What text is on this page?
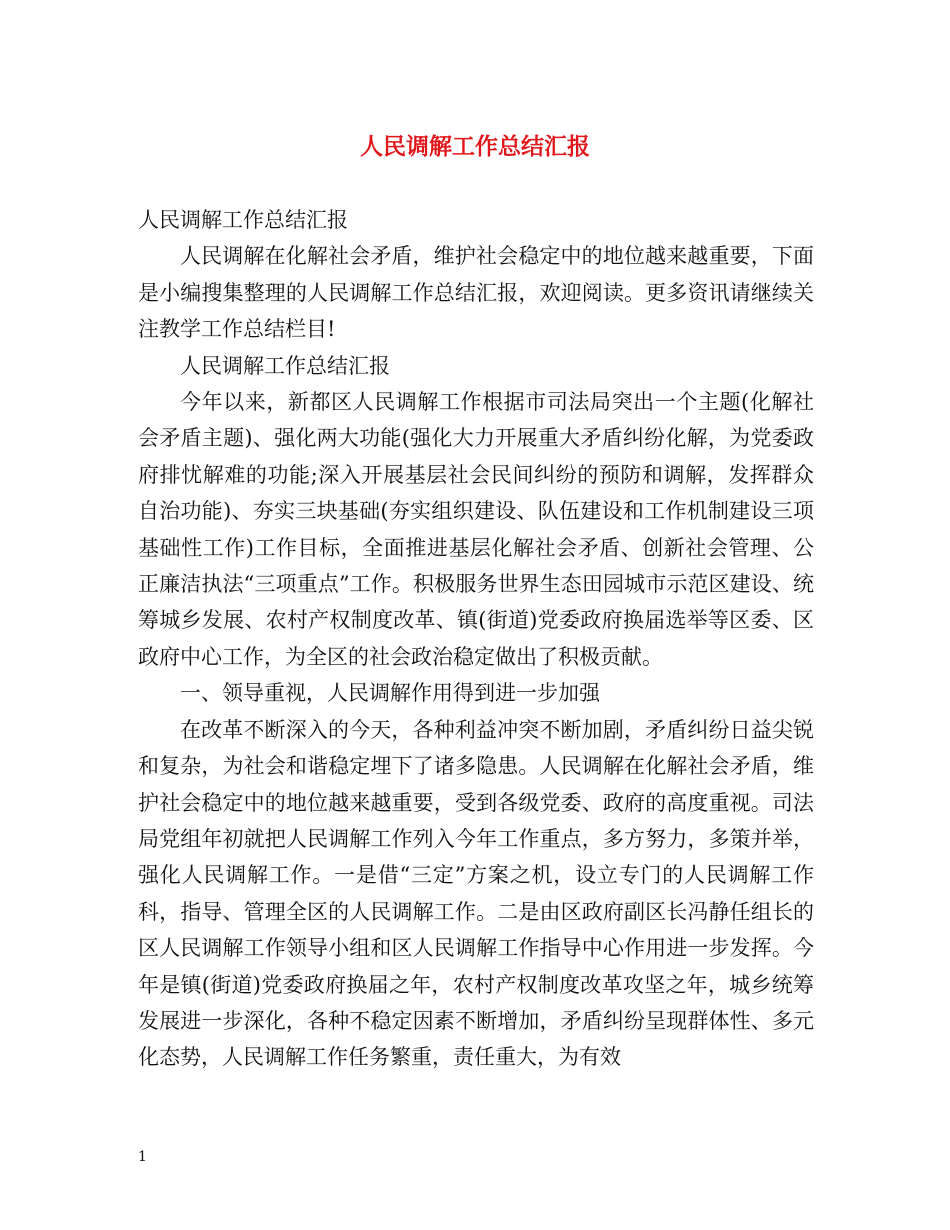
人民调解工作总结汇报

人民调解工作总结汇报

人民调解在化解社会矛盾，维护社会稳定中的地位越来越重要，下面是小编搜集整理的人民调解工作总结汇报，欢迎阅读。更多资讯请继续关注教学工作总结栏目!

人民调解工作总结汇报

今年以来，新都区人民调解工作根据市司法局突出一个主题(化解社会矛盾主题)、强化两大功能(强化大力开展重大矛盾纠纷化解，为党委政府排忧解难的功能;深入开展基层社会民间纠纷的预防和调解，发挥群众自治功能)、夯实三块基础(夯实组织建设、队伍建设和工作机制建设三项基础性工作)工作目标，全面推进基层化解社会矛盾、创新社会管理、公正廉洁执法“三项重点”工作。积极服务世界生态田园城市示范区建设、统筹城乡发展、农村产权制度改革、镇(街道)党委政府换届选举等区委、区政府中心工作，为全区的社会政治稳定做出了积极贡献。

一、领导重视，人民调解作用得到进一步加强

在改革不断深入的今天，各种利益冲突不断加剧，矛盾纠纷日益尖锐和复杂，为社会和谐稳定埋下了诸多隐患。人民调解在化解社会矛盾，维护社会稳定中的地位越来越重要，受到各级党委、政府的高度重视。司法局党组年初就把人民调解工作列入今年工作重点，多方努力，多策并举，强化人民调解工作。一是借“三定”方案之机，设立专门的人民调解工作科，指导、管理全区的人民调解工作。二是由区政府副区长冯静任组长的区人民调解工作领导小组和区人民调解工作指导中心作用进一步发挥。今年是镇(街道)党委政府换届之年，农村产权制度改革攻坚之年，城乡统筹发展进一步深化，各种不稳定因素不断增加，矛盾纠纷呈现群体性、多元化态势，人民调解工作任务繁重，责任重大，为有效

1
